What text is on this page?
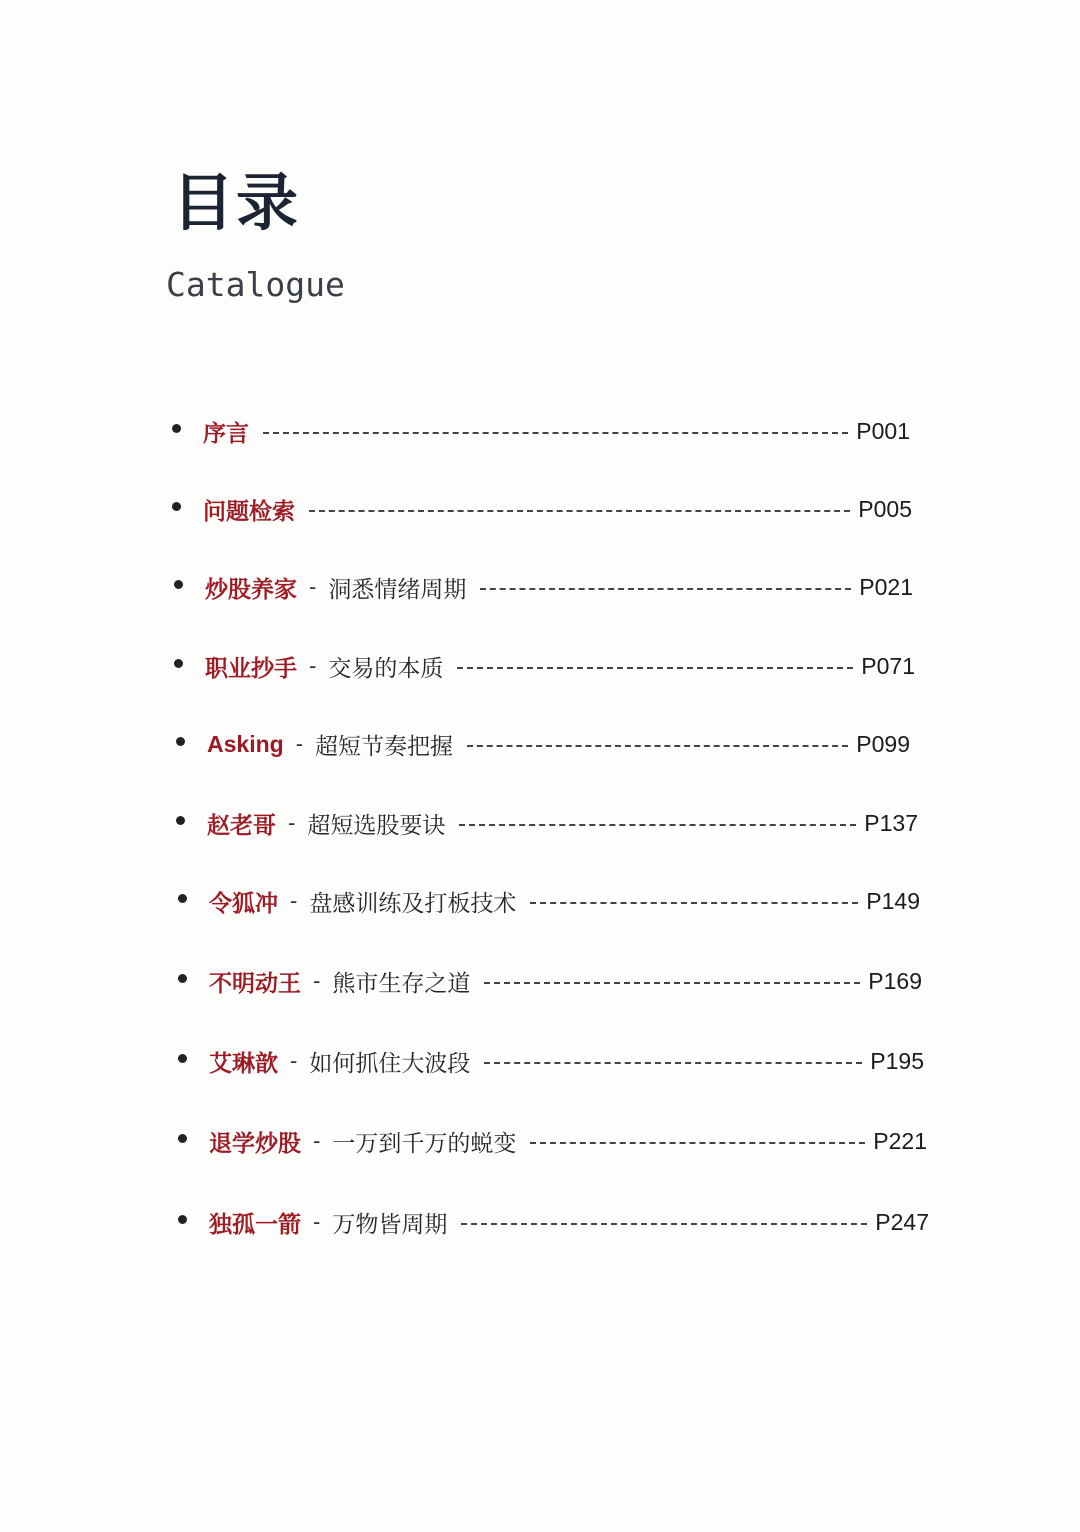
目录
Catalogue
序言	P001
问题检索	P005
炒股养家 - 洞悉情绪周期	P021
职业抄手 - 交易的本质	P071
Asking - 超短节奏把握	P099
赵老哥 - 超短选股要诀	P137
令狐冲 - 盘感训练及打板技术	P149
不明动王 - 熊市生存之道	P169
艾琳歆 - 如何抓住大波段	P195
退学炒股 - 一万到千万的蜕变	P221
独孤一箭 - 万物皆周期	P247
